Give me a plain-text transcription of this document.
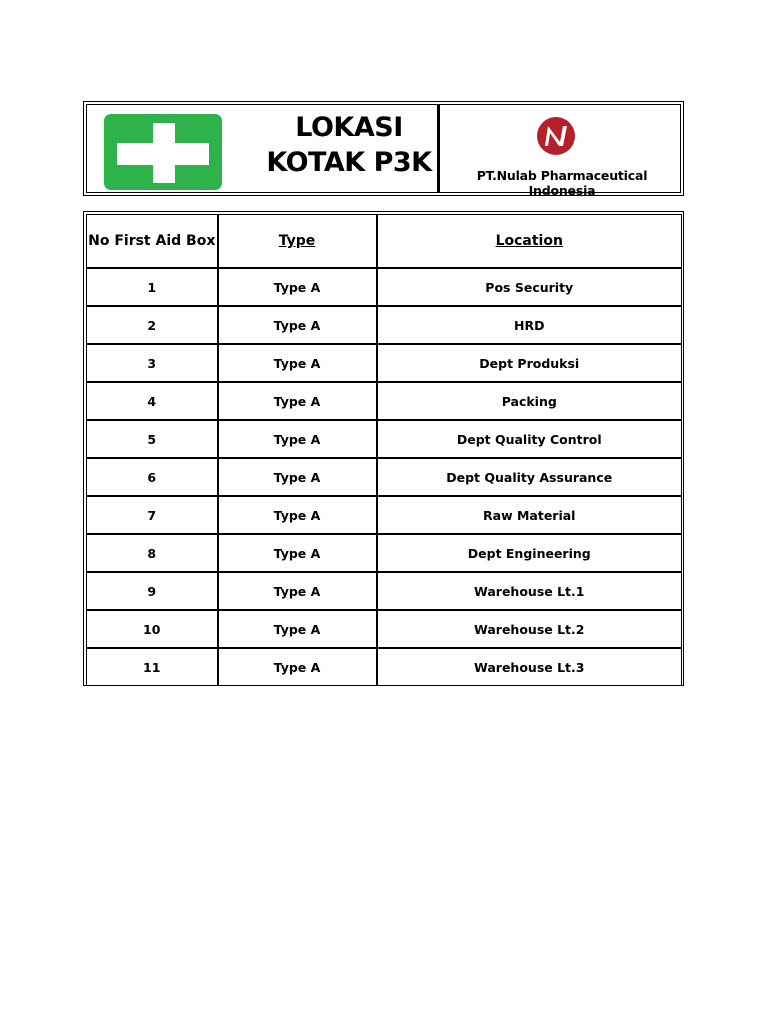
LOKASI
KOTAK P3K	PT.Nulab Pharmaceutical Indonesia
No First Aid Box	Type	Location
1	Type A	Pos Security
2	Type A	HRD
3	Type A	Dept Produksi
4	Type A	Packing
5	Type A	Dept Quality Control
6	Type A	Dept Quality Assurance
7	Type A	Raw Material
8	Type A	Dept Engineering
9	Type A	Warehouse Lt.1
10	Type A	Warehouse Lt.2
11	Type A	Warehouse Lt.3
